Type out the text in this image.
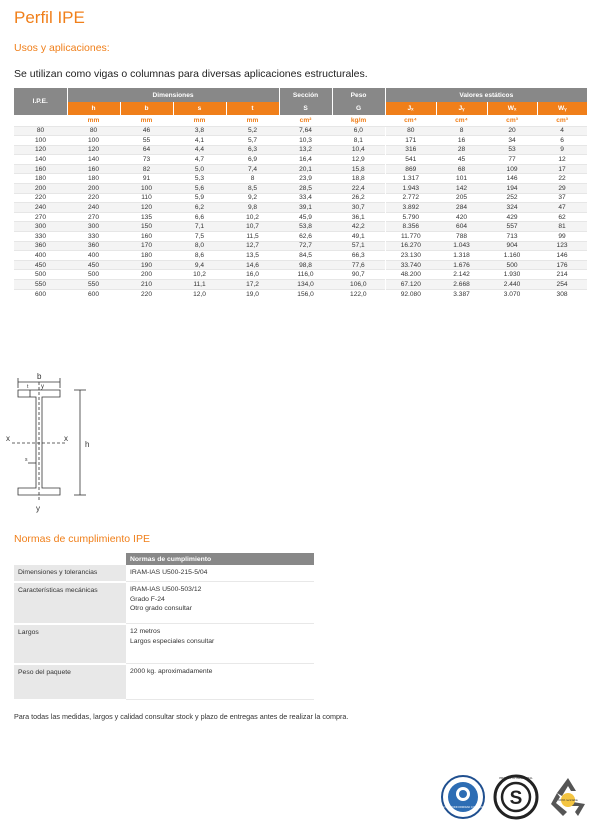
Perfil IPE
Usos y aplicaciones:
Se utilizan como vigas o columnas para diversas aplicaciones estructurales.
I.P.E.	Dimensiones				Sección	Peso	Valores estáticos			
	h	b	s	t	S	G	Jₓ	Jᵧ	Wₓ	Wᵧ
	mm	mm	mm	mm	cm²	kg/m	cm⁴	cm⁴	cm³	cm³
80	80	46	3,8	5,2	7,64	6,0	80	8	20	4
100	100	55	4,1	5,7	10,3	8,1	171	16	34	6
120	120	64	4,4	6,3	13,2	10,4	316	28	53	9
140	140	73	4,7	6,9	16,4	12,9	541	45	77	12
160	160	82	5,0	7,4	20,1	15,8	869	68	109	17
180	180	91	5,3	8	23,9	18,8	1.317	101	146	22
200	200	100	5,6	8,5	28,5	22,4	1.943	142	194	29
220	220	110	5,9	9,2	33,4	26,2	2.772	205	252	37
240	240	120	6,2	9,8	39,1	30,7	3.892	284	324	47
270	270	135	6,6	10,2	45,9	36,1	5.790	420	429	62
300	300	150	7,1	10,7	53,8	42,2	8.356	604	557	81
330	330	160	7,5	11,5	62,6	49,1	11.770	788	713	99
360	360	170	8,0	12,7	72,7	57,1	16.270	1.043	904	123
400	400	180	8,6	13,5	84,5	66,3	23.130	1.318	1.160	146
450	450	190	9,4	14,6	98,8	77,6	33.740	1.676	500	176
500	500	200	10,2	16,0	116,0	90,7	48.200	2.142	1.930	214
550	550	210	11,1	17,2	134,0	106,0	67.120	2.668	2.440	254
600	600	220	12,0	19,0	156,0	122,0	92.080	3.387	3.070	308
b
h
x	x
y
y
t
s
Normas de cumplimiento IPE
	Normas de cumplimiento
Dimensiones y tolerancias	IRAM-IAS U500-215-5/04

Características mecánicas	IRAM-IAS U500-503/12
Grado F-24
Otro grado consultar

Largos	12 metros
Largos especiales consultar

Peso del paquete	2000 kg. aproximadamente
Para todas las medidas, largos y calidad consultar stock y plazo de entregas antes de realizar la compra.
SELLO DE CONFORMIDAD CON NORMAS S
PRODUCTO INDUSTRIAL
100% reciclable
